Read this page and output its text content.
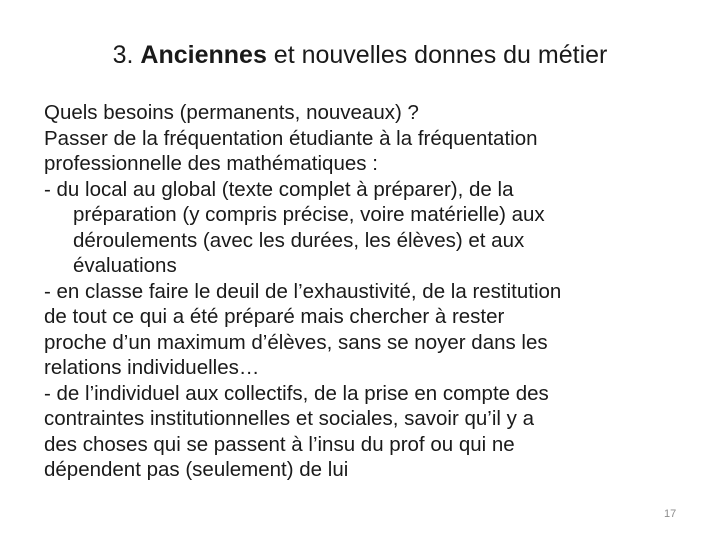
3. Anciennes et nouvelles donnes du métier
Quels besoins (permanents, nouveaux) ?
Passer de la fréquentation étudiante à la fréquentation
professionnelle des mathématiques :
- du local au global (texte complet à préparer), de la
préparation (y compris précise, voire matérielle) aux
déroulements (avec les durées, les élèves) et aux
évaluations
- en classe faire le deuil de l’exhaustivité, de la restitution
de tout ce qui a été préparé mais chercher à rester
proche d’un maximum d’élèves, sans se noyer dans les
relations individuelles…
- de l’individuel aux collectifs, de la prise en compte des
contraintes institutionnelles et sociales, savoir qu’il y a
des choses qui se passent à l’insu du prof ou qui ne
dépendent pas (seulement) de lui
17
